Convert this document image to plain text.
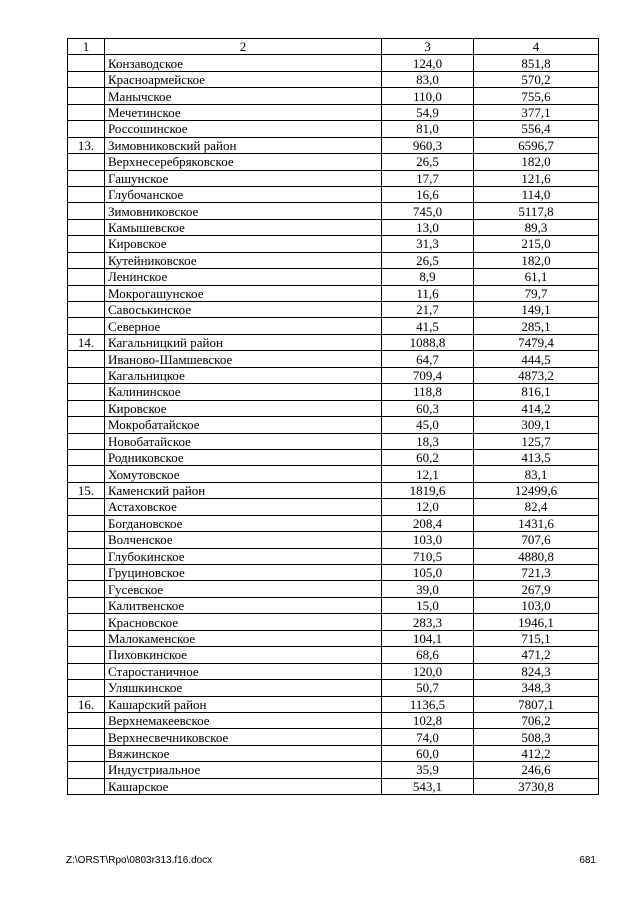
1	2	3	4
	Конзаводское	124,0	851,8
	Красноармейское	83,0	570,2
	Манычское	110,0	755,6
	Мечетинское	54,9	377,1
	Россошинское	81,0	556,4
13.	Зимовниковский район	960,3	6596,7
	Верхнесеребряковское	26,5	182,0
	Гашунское	17,7	121,6
	Глубочанское	16,6	114,0
	Зимовниковское	745,0	5117,8
	Камышевское	13,0	89,3
	Кировское	31,3	215,0
	Кутейниковское	26,5	182,0
	Ленинское	8,9	61,1
	Мокрогашунское	11,6	79,7
	Савоськинское	21,7	149,1
	Северное	41,5	285,1
14.	Кагальницкий район	1088,8	7479,4
	Иваново-Шамшевское	64,7	444,5
	Кагальницкое	709,4	4873,2
	Калининское	118,8	816,1
	Кировское	60,3	414,2
	Мокробатайское	45,0	309,1
	Новобатайское	18,3	125,7
	Родниковское	60,2	413,5
	Хомутовское	12,1	83,1
15.	Каменский район	1819,6	12499,6
	Астаховское	12,0	82,4
	Богдановское	208,4	1431,6
	Волченское	103,0	707,6
	Глубокинское	710,5	4880,8
	Груциновское	105,0	721,3
	Гусевское	39,0	267,9
	Калитвенское	15,0	103,0
	Красновское	283,3	1946,1
	Малокаменское	104,1	715,1
	Пиховкинское	68,6	471,2
	Старостаничное	120,0	824,3
	Уляшкинское	50,7	348,3
16.	Кашарский район	1136,5	7807,1
	Верхнемакеевское	102,8	706,2
	Верхнесвечниковское	74,0	508,3
	Вяжинское	60,0	412,2
	Индустриальное	35,9	246,6
	Кашарское	543,1	3730,8
Z:\ORST\Rpo\0803r313.f16.docx	681
